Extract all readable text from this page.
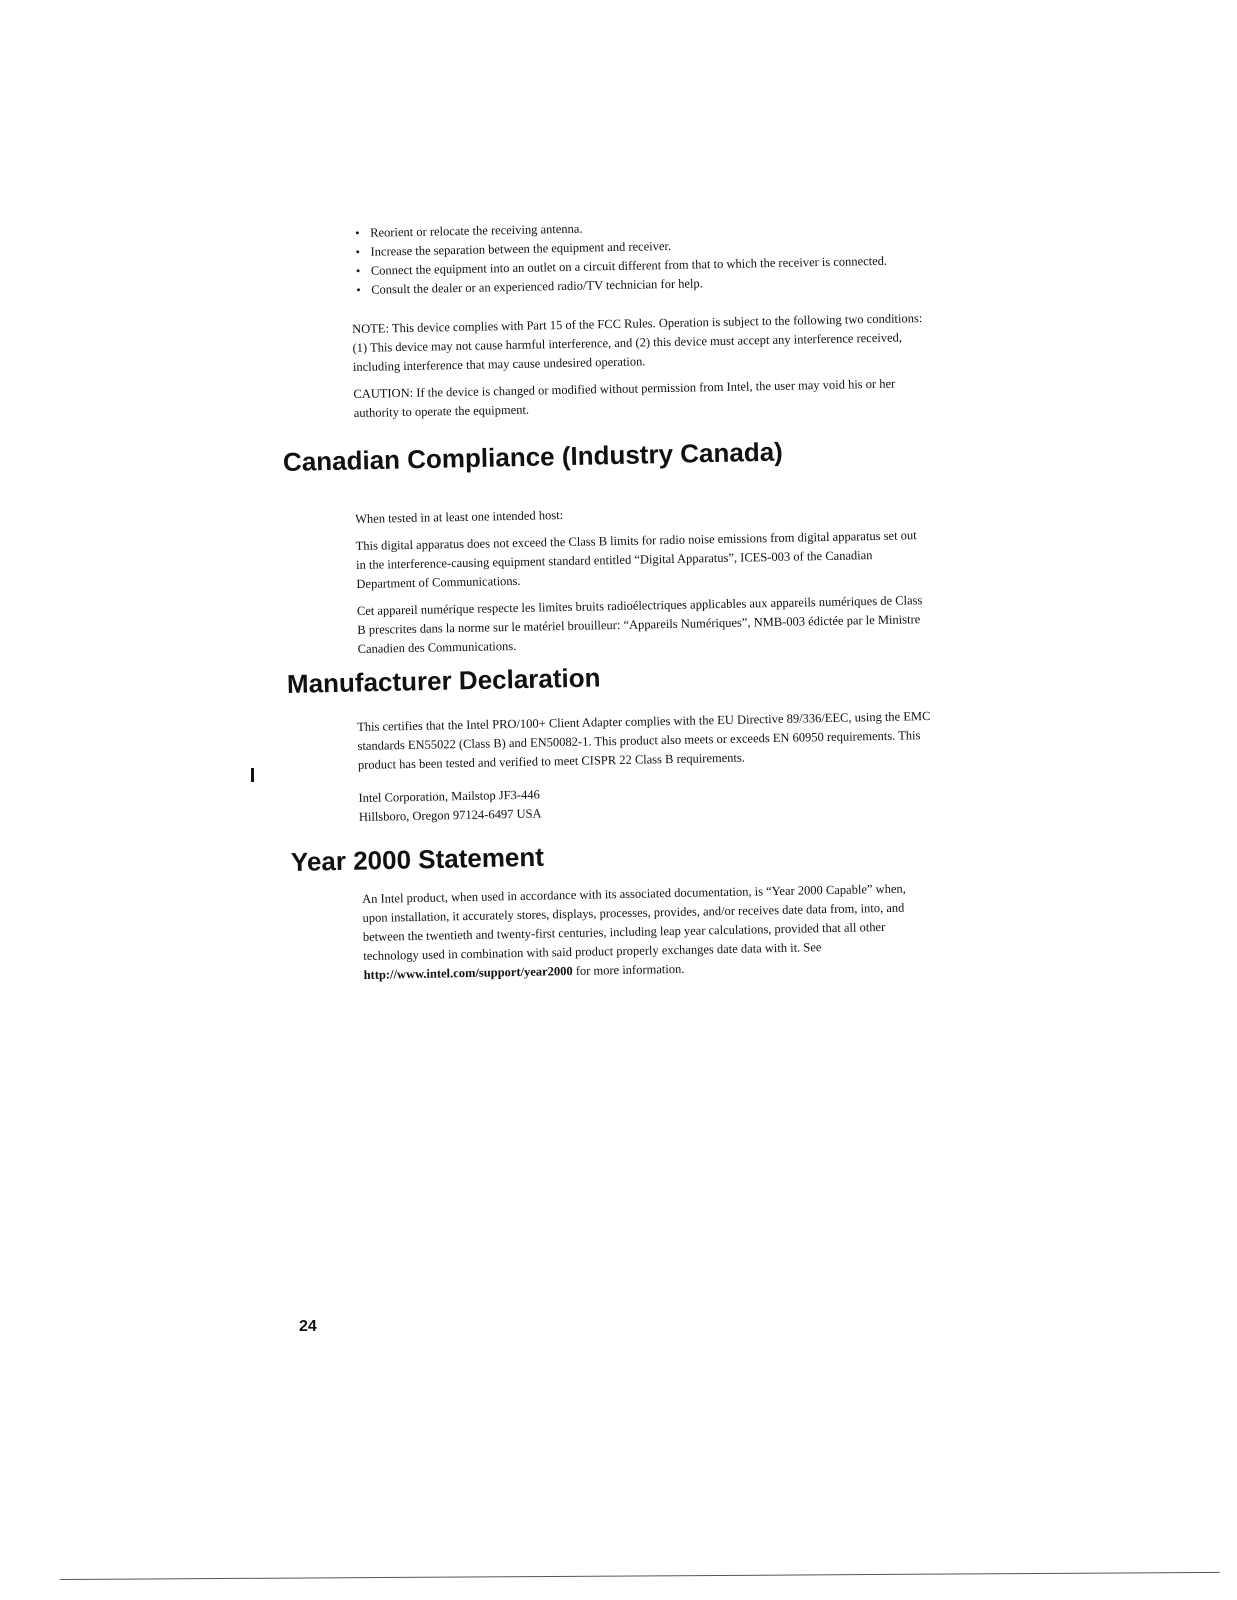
• Reorient or relocate the receiving antenna.
• Increase the separation between the equipment and receiver.
• Connect the equipment into an outlet on a circuit different from that to which the receiver is connected.
• Consult the dealer or an experienced radio/TV technician for help.

NOTE: This device complies with Part 15 of the FCC Rules. Operation is subject to the following two conditions: (1) This device may not cause harmful interference, and (2) this device must accept any interference received, including interference that may cause undesired operation.

CAUTION: If the device is changed or modified without permission from Intel, the user may void his or her authority to operate the equipment.

Canadian Compliance (Industry Canada)

When tested in at least one intended host:

This digital apparatus does not exceed the Class B limits for radio noise emissions from digital apparatus set out in the interference-causing equipment standard entitled “Digital Apparatus”, ICES-003 of the Canadian Department of Communications.

Cet appareil numérique respecte les limites bruits radioélectriques applicables aux appareils numériques de Class B prescrites dans la norme sur le matériel brouilleur: “Appareils Numériques”, NMB-003 édictée par le Ministre Canadien des Communications.

Manufacturer Declaration

This certifies that the Intel PRO/100+ Client Adapter complies with the EU Directive 89/336/EEC, using the EMC standards EN55022 (Class B) and EN50082-1. This product also meets or exceeds EN 60950 requirements. This product has been tested and verified to meet CISPR 22 Class B requirements.

Intel Corporation, Mailstop JF3-446
Hillsboro, Oregon 97124-6497 USA

Year 2000 Statement

An Intel product, when used in accordance with its associated documentation, is “Year 2000 Capable” when, upon installation, it accurately stores, displays, processes, provides, and/or receives date data from, into, and between the twentieth and twenty-first centuries, including leap year calculations, provided that all other technology used in combination with said product properly exchanges date data with it. See http://www.intel.com/support/year2000 for more information.

24
